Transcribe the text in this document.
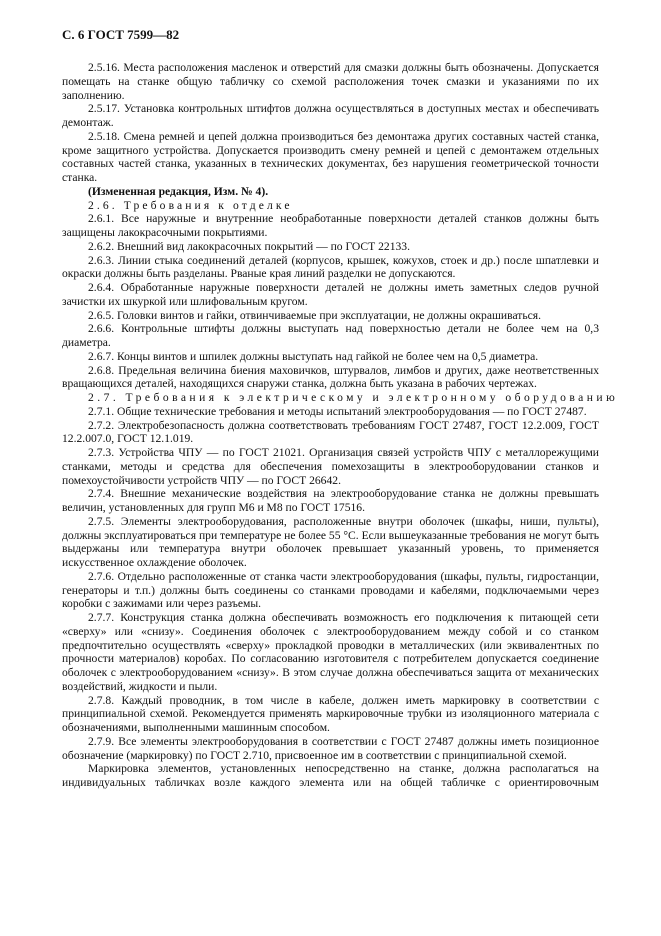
С. 6 ГОСТ 7599—82

2.5.16. Места расположения масленок и отверстий для смазки должны быть обозначены. Допускается помещать на станке общую табличку со схемой расположения точек смазки и указаниями по их заполнению.

2.5.17. Установка контрольных штифтов должна осуществляться в доступных местах и обеспечивать демонтаж.

2.5.18. Смена ремней и цепей должна производиться без демонтажа других составных частей станка, кроме защитного устройства. Допускается производить смену ремней и цепей с демонтажем отдельных составных частей станка, указанных в технических документах, без нарушения геометрической точности станка.

(Измененная редакция, Изм. № 4).

2.6. Требования к отделке

2.6.1. Все наружные и внутренние необработанные поверхности деталей станков должны быть защищены лакокрасочными покрытиями.

2.6.2. Внешний вид лакокрасочных покрытий — по ГОСТ 22133.

2.6.3. Линии стыка соединений деталей (корпусов, крышек, кожухов, стоек и др.) после шпатлевки и окраски должны быть разделаны. Рваные края линий разделки не допускаются.

2.6.4. Обработанные наружные поверхности деталей не должны иметь заметных следов ручной зачистки их шкуркой или шлифовальным кругом.

2.6.5. Головки винтов и гайки, отвинчиваемые при эксплуатации, не должны окрашиваться.

2.6.6. Контрольные штифты должны выступать над поверхностью детали не более чем на 0,3 диаметра.

2.6.7. Концы винтов и шпилек должны выступать над гайкой не более чем на 0,5 диаметра.

2.6.8. Предельная величина биения маховичков, штурвалов, лимбов и других, даже неответственных вращающихся деталей, находящихся снаружи станка, должна быть указана в рабочих чертежах.

2.7. Требования к электрическому и электронному оборудованию

2.7.1. Общие технические требования и методы испытаний электрооборудования — по ГОСТ 27487.

2.7.2. Электробезопасность должна соответствовать требованиям ГОСТ 27487, ГОСТ 12.2.009, ГОСТ 12.2.007.0, ГОСТ 12.1.019.

2.7.3. Устройства ЧПУ — по ГОСТ 21021. Организация связей устройств ЧПУ с металлорежущими станками, методы и средства для обеспечения помехозащиты в электрооборудовании станков и помехоустойчивости устройств ЧПУ — по ГОСТ 26642.

2.7.4. Внешние механические воздействия на электрооборудование станка не должны превышать величин, установленных для групп М6 и М8 по ГОСТ 17516.

2.7.5. Элементы электрооборудования, расположенные внутри оболочек (шкафы, ниши, пульты), должны эксплуатироваться при температуре не более 55 °С. Если вышеуказанные требования не могут быть выдержаны или температура внутри оболочек превышает указанный уровень, то применяется искусственное охлаждение оболочек.

2.7.6. Отдельно расположенные от станка части электрооборудования (шкафы, пульты, гидростанции, генераторы и т.п.) должны быть соединены со станками проводами и кабелями, подключаемыми через коробки с зажимами или через разъемы.

2.7.7. Конструкция станка должна обеспечивать возможность его подключения к питающей сети «сверху» или «снизу». Соединения оболочек с электрооборудованием между собой и со станком предпочтительно осуществлять «сверху» прокладкой проводки в металлических (или эквивалентных по прочности материалов) коробах. По согласованию изготовителя с потребителем допускается соединение оболочек с электрооборудованием «снизу». В этом случае должна обеспечиваться защита от механических воздействий, жидкости и пыли.

2.7.8. Каждый проводник, в том числе в кабеле, должен иметь маркировку в соответствии с принципиальной схемой. Рекомендуется применять маркировочные трубки из изоляционного материала с обозначениями, выполненными машинным способом.

2.7.9. Все элементы электрооборудования в соответствии с ГОСТ 27487 должны иметь позиционное обозначение (маркировку) по ГОСТ 2.710, присвоенное им в соответствии с принципиальной схемой.

Маркировка элементов, установленных непосредственно на станке, должна располагаться на индивидуальных табличках возле каждого элемента или на общей табличке с ориентировочным
